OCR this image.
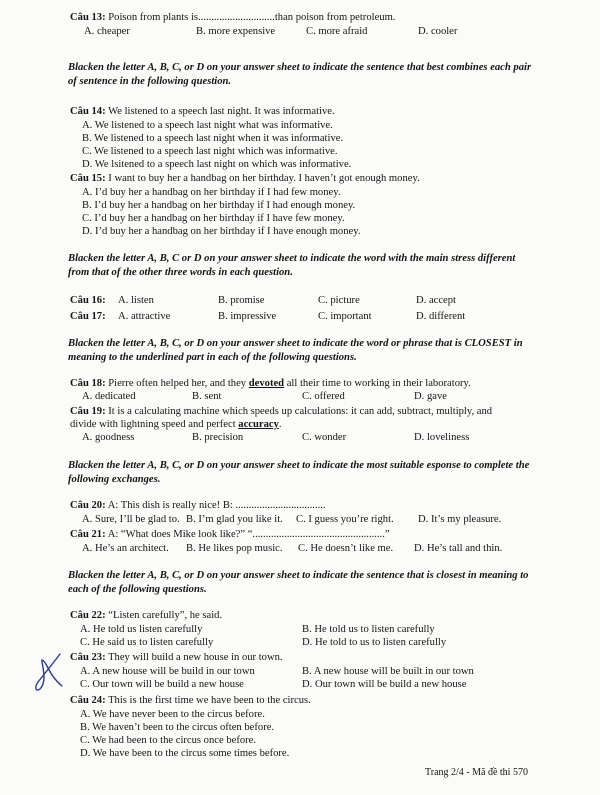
Câu 13: Poison from plants is.............................than poison from petroleum.
A. cheaper	B. more expensive	C. more afraid	D. cooler
Blacken the letter A, B, C, or D on your answer sheet to indicate the sentence that best combines each pair of sentence in the following question.
Câu 14: We listened to a speech last night. It was informative.
A. We listened to a speech last night what was informative.
B. We listened to a speech last night when it was informative.
C. We listened to a speech last night which was informative.
D. We lsitened to a speech last night on which was informative.
Câu 15: I want to buy her a handbag on her birthday. I haven’t got enough money.
A. I’d buy her a handbag on her birthday if I had few money.
B. I’d buy her a handbag on her birthday if I had enough money.
C. I’d buy her a handbag on her birthday if I have few money.
D. I’d buy her a handbag on her birthday if I have enough money.
Blacken the letter A, B, C or D on your answer sheet to indicate the word with the main stress different from that of the other three words in each question.
Câu 16: A. listen	B. promise	C. picture	D. accept
Câu 17: A. attractive	B. impressive	C. important	D. different
Blacken the letter A, B, C, or D on your answer sheet to indicate the word or phrase that is CLOSEST in meaning to the underlined part in each of the following questions.
Câu 18: Pierre often helped her, and they devoted all their time to working in their laboratory.
A. dedicated	B. sent	C. offered	D. gave
Câu 19: It is a calculating machine which speeds up calculations: it can add, subtract, multiply, and
divide with lightning speed and perfect accuracy.
A. goodness	B. precision	C. wonder	D. loveliness
Blacken the letter A, B, C, or D on your answer sheet to indicate the most suitable esponse to complete the following exchanges.
Câu 20: A: This dish is really nice! B: ..................................
A. Sure, I’ll be glad to. B. I’m glad you like it. C. I guess you’re right. D. It’s my pleasure.
Câu 21: A: “What does Mike look like?” “..................................................”
A. He’s an architect. B. He likes pop music. C. He doesn’t like me. D. He’s tall and thin.
Blacken the letter A, B, C, or D on your answer sheet to indicate the sentence that is closest in meaning to each of the following questions.
Câu 22: “Listen carefully”, he said.
A. He told us listen carefully	B. He told us to listen carefully
C. He said us to listen carefully	D. He told to us to listen carefully
Câu 23: They will build a new house in our town.
A. A new house will be build in our town	B. A new house will be built in our town
C. Our town will be build a new house	D. Our town will be build a new house
Câu 24: This is the first time we have been to the circus.
A. We have never been to the circus before.
B. We haven’t been to the circus often before.
C. We had been to the circus once before.
D. We have been to the circus some times before.
Trang 2/4 - Mã đề thi 570
